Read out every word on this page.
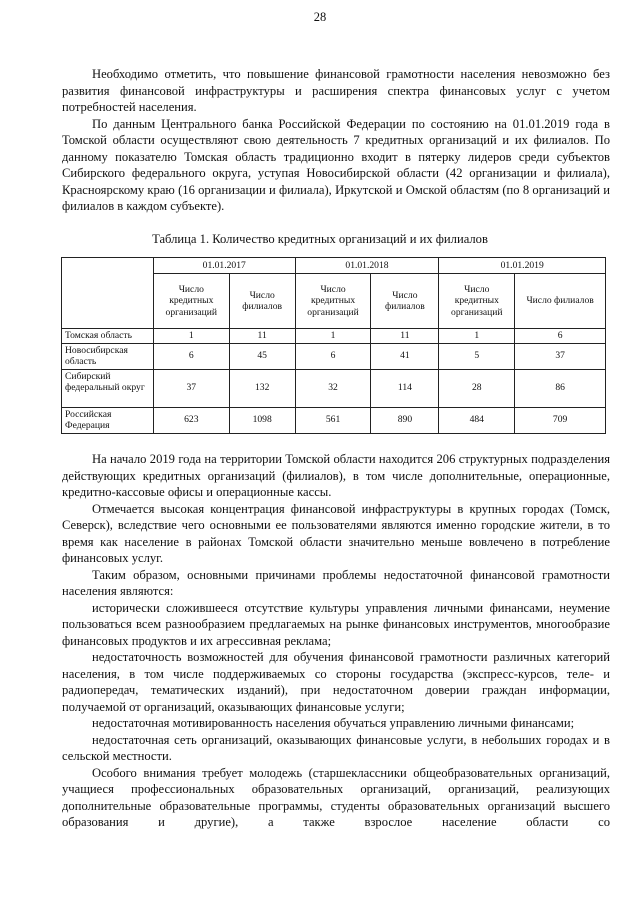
28

Необходимо отметить, что повышение финансовой грамотности населения невозможно без развития финансовой инфраструктуры и расширения спектра финансовых услуг с учетом потребностей населения.

По данным Центрального банка Российской Федерации по состоянию на 01.01.2019 года в Томской области осуществляют свою деятельность 7 кредитных организаций и их филиалов. По данному показателю Томская область традиционно входит в пятерку лидеров среди субъектов Сибирского федерального округа, уступая Новосибирской области (42 организации и филиала), Красноярскому краю (16 организации и филиала), Иркутской и Омской областям (по 8 организаций и филиалов в каждом субъекте).

Таблица 1. Количество кредитных организаций и их филиалов
	01.01.2017		01.01.2018		01.01.2019	
	Число кредитных организаций	Число филиалов	Число кредитных организаций	Число филиалов	Число кредитных организаций	Число филиалов
Томская область	1	11	1	11	1	6
Новосибирская область	6	45	6	41	5	37
Сибирский федеральный округ	37	132	32	114	28	86
Российская Федерация	623	1098	561	890	484	709

На начало 2019 года на территории Томской области находится 206 структурных подразделения действующих кредитных организаций (филиалов), в том числе дополнительные, операционные, кредитно-кассовые офисы и операционные кассы.

Отмечается высокая концентрация финансовой инфраструктуры в крупных городах (Томск, Северск), вследствие чего основными ее пользователями являются именно городские жители, в то время как население в районах Томской области значительно меньше вовлечено в потребление финансовых услуг.

Таким образом, основными причинами проблемы недостаточной финансовой грамотности населения являются:

исторически сложившееся отсутствие культуры управления личными финансами, неумение пользоваться всем разнообразием предлагаемых на рынке финансовых инструментов, многообразие финансовых продуктов и их агрессивная реклама;

недостаточность возможностей для обучения финансовой грамотности различных категорий населения, в том числе поддерживаемых со стороны государства (экспресс-курсов, теле- и радиопередач, тематических изданий), при недостаточном доверии граждан информации, получаемой от организаций, оказывающих финансовые услуги;

недостаточная мотивированность населения обучаться управлению личными финансами;

недостаточная сеть организаций, оказывающих финансовые услуги, в небольших городах и в сельской местности.

Особого внимания требует молодежь (старшеклассники общеобразовательных организаций, учащиеся профессиональных образовательных организаций, организаций, реализующих дополнительные образовательные программы, студенты образовательных организаций высшего образования и другие), а также взрослое население области со
